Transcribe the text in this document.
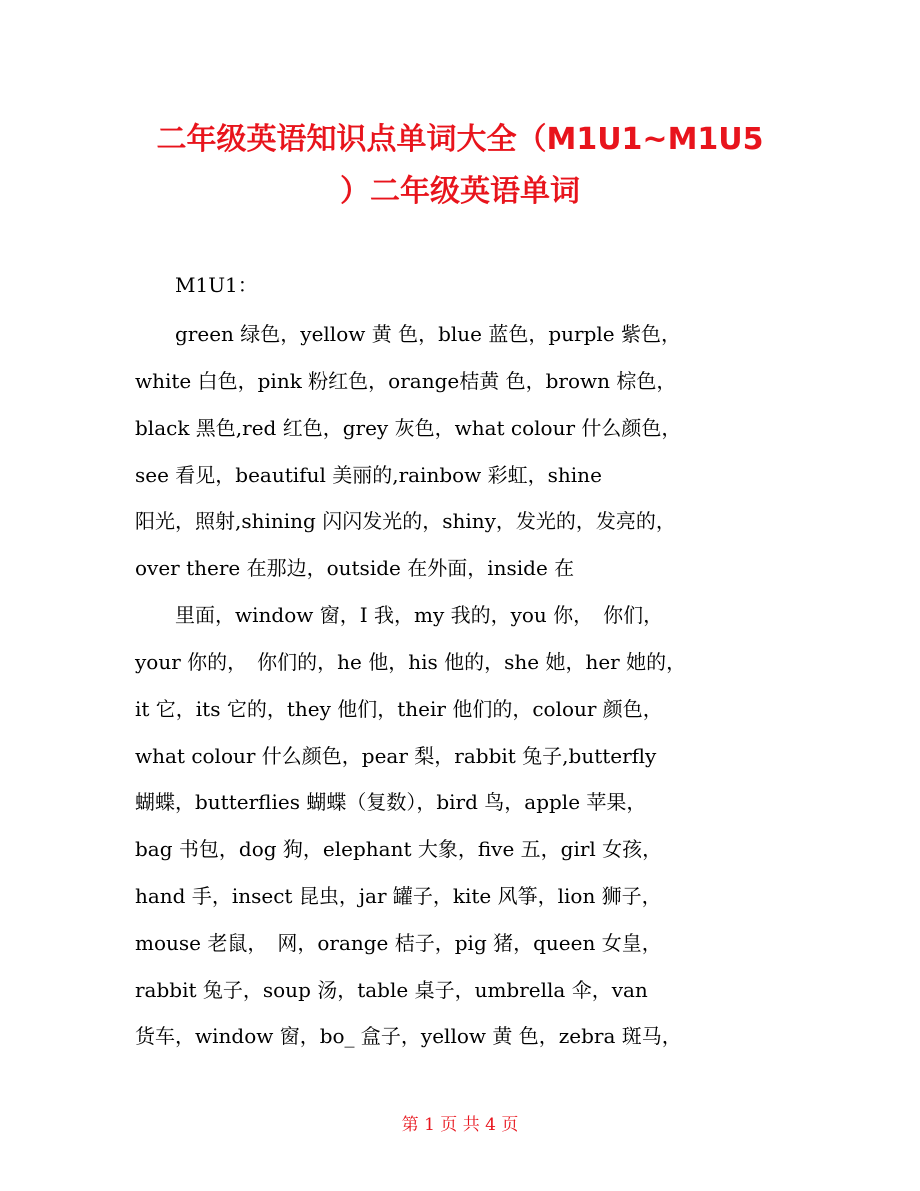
二年级英语知识点单词大全（M1U1~M1U5
）二年级英语单词
　　M1U1：
　　green 绿色，yellow 黄 色，blue 蓝色，purple 紫色，
white 白色，pink 粉红色，orange桔黄 色，brown 棕色，
black 黑色,red 红色，grey 灰色，what colour 什么颜色，
see 看见，beautiful 美丽的,rainbow 彩虹，shine
阳光，照射,shining 闪闪发光的，shiny，发光的，发亮的，
over there 在那边，outside 在外面，inside 在
　　里面，window 窗，I 我，my 我的，you 你，　你们，
your 你的，　你们的，he 他，his 他的，she 她，her 她的，
it 它，its 它的，they 他们，their 他们的，colour 颜色，
what colour 什么颜色，pear 梨，rabbit 兔子,butterfly
蝴蝶，butterflies 蝴蝶（复数），bird 鸟，apple 苹果，
bag 书包，dog 狗，elephant 大象，five 五，girl 女孩，
hand 手，insect 昆虫，jar 罐子，kite 风筝，lion 狮子，
mouse 老鼠，　网，orange 桔子，pig 猪，queen 女皇，
rabbit 兔子，soup 汤，table 桌子，umbrella 伞，van
货车，window 窗，bo_ 盒子，yellow 黄 色，zebra 斑马，
第 1 页 共 4 页
